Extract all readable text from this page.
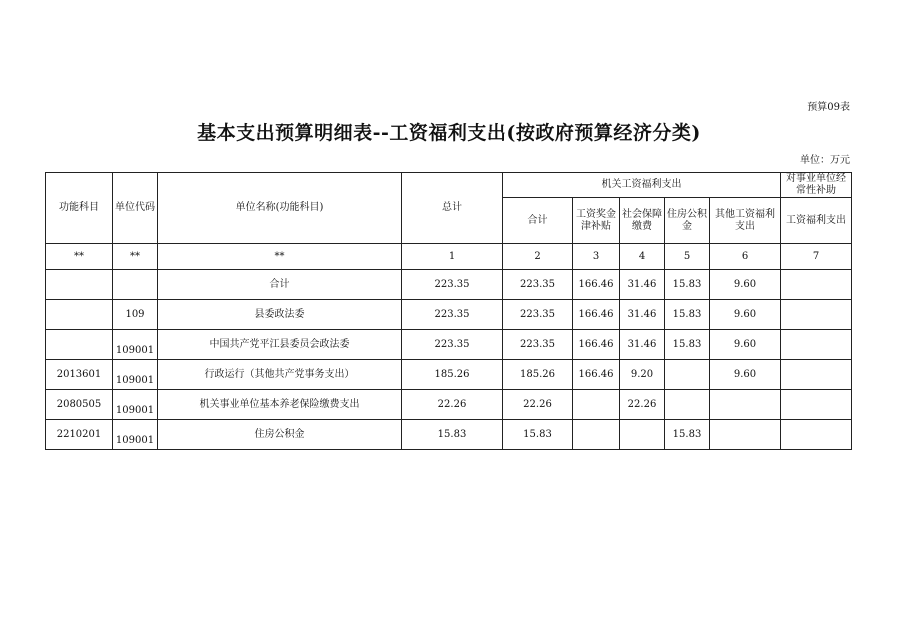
预算09表
基本支出预算明细表--工资福利支出(按政府预算经济分类)
单位：万元
功能科目	单位代码	单位名称(功能科目)	总计	机关工资福利支出					对事业单位经常性补助
				合计	工资奖金津补贴	社会保障缴费	住房公积金	其他工资福利支出	工资福利支出
**	**	**	1	2	3	4	5	6	7
		合计	223.35	223.35	166.46	31.46	15.83	9.60	
	109	县委政法委	223.35	223.35	166.46	31.46	15.83	9.60	
	109001	中国共产党平江县委员会政法委	223.35	223.35	166.46	31.46	15.83	9.60	
2013601	109001	行政运行（其他共产党事务支出）	185.26	185.26	166.46	9.20		9.60	
2080505	109001	机关事业单位基本养老保险缴费支出	22.26	22.26		22.26			
2210201	109001	住房公积金	15.83	15.83			15.83		
